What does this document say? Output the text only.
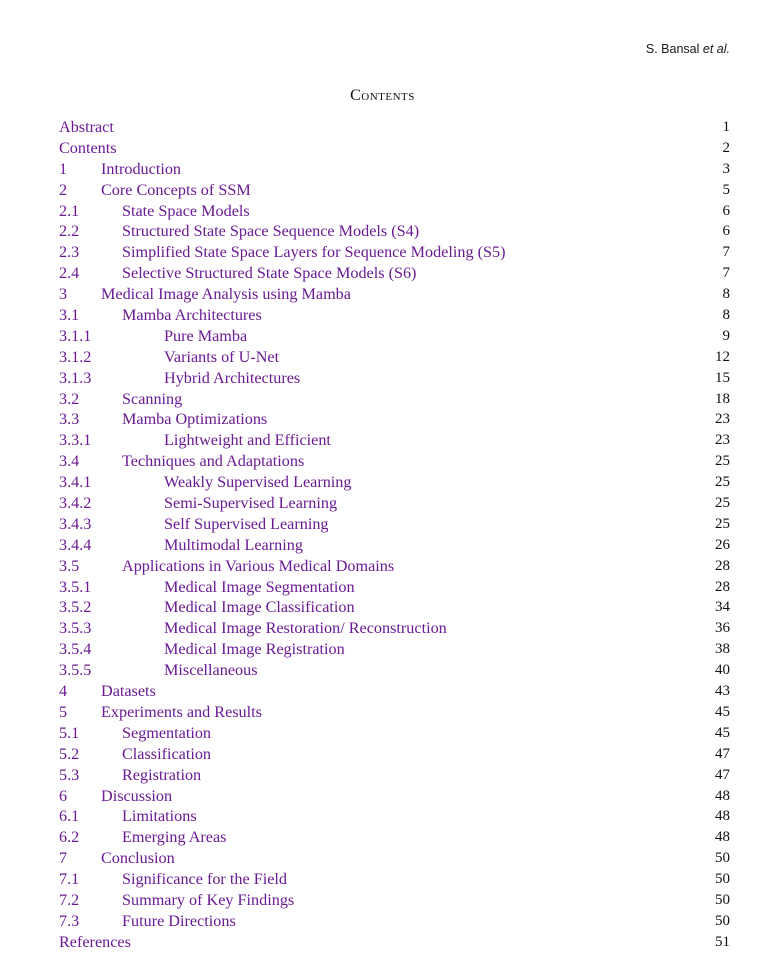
S. Bansal et al.
Contents
Abstract	1
Contents	2
1 Introduction	3
2 Core Concepts of SSM	5
2.1	State Space Models	6
2.2	Structured State Space Sequence Models (S4)	6
2.3	Simplified State Space Layers for Sequence Modeling (S5)	7
2.4	Selective Structured State Space Models (S6)	7
3 Medical Image Analysis using Mamba	8
3.1	Mamba Architectures	8
3.1.1	Pure Mamba	9
3.1.2	Variants of U-Net	12
3.1.3	Hybrid Architectures	15
3.2	Scanning	18
3.3	Mamba Optimizations	23
3.3.1	Lightweight and Efficient	23
3.4	Techniques and Adaptations	25
3.4.1	Weakly Supervised Learning	25
3.4.2	Semi-Supervised Learning	25
3.4.3	Self Supervised Learning	25
3.4.4	Multimodal Learning	26
3.5	Applications in Various Medical Domains	28
3.5.1	Medical Image Segmentation	28
3.5.2	Medical Image Classification	34
3.5.3	Medical Image Restoration/ Reconstruction	36
3.5.4	Medical Image Registration	38
3.5.5	Miscellaneous	40
4 Datasets	43
5 Experiments and Results	45
5.1	Segmentation	45
5.2	Classification	47
5.3	Registration	47
6 Discussion	48
6.1	Limitations	48
6.2	Emerging Areas	48
7 Conclusion	50
7.1	Significance for the Field	50
7.2	Summary of Key Findings	50
7.3	Future Directions	50
References	51
